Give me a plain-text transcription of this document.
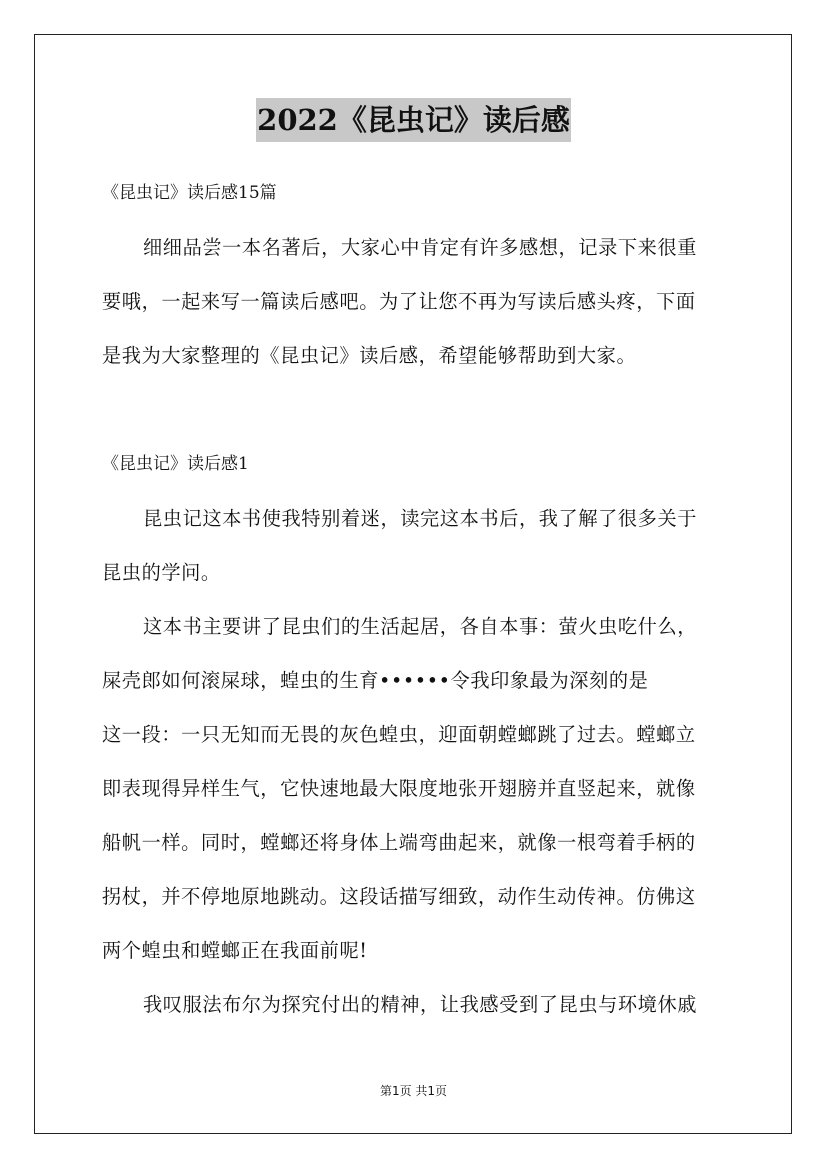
2022《昆虫记》读后感
《昆虫记》读后感15篇
细细品尝一本名著后，大家心中肯定有许多感想，记录下来很重
要哦，一起来写一篇读后感吧。为了让您不再为写读后感头疼，下面
是我为大家整理的《昆虫记》读后感，希望能够帮助到大家。
《昆虫记》读后感1
昆虫记这本书使我特别着迷，读完这本书后，我了解了很多关于
昆虫的学问。
这本书主要讲了昆虫们的生活起居，各自本事：萤火虫吃什么，
屎壳郎如何滚屎球，蝗虫的生育••••••令我印象最为深刻的是
这一段：一只无知而无畏的灰色蝗虫，迎面朝螳螂跳了过去。螳螂立
即表现得异样生气，它快速地最大限度地张开翅膀并直竖起来，就像
船帆一样。同时，螳螂还将身体上端弯曲起来，就像一根弯着手柄的
拐杖，并不停地原地跳动。这段话描写细致，动作生动传神。仿佛这
两个蝗虫和螳螂正在我面前呢!
我叹服法布尔为探究付出的精神，让我感受到了昆虫与环境休戚
第1页 共1页
